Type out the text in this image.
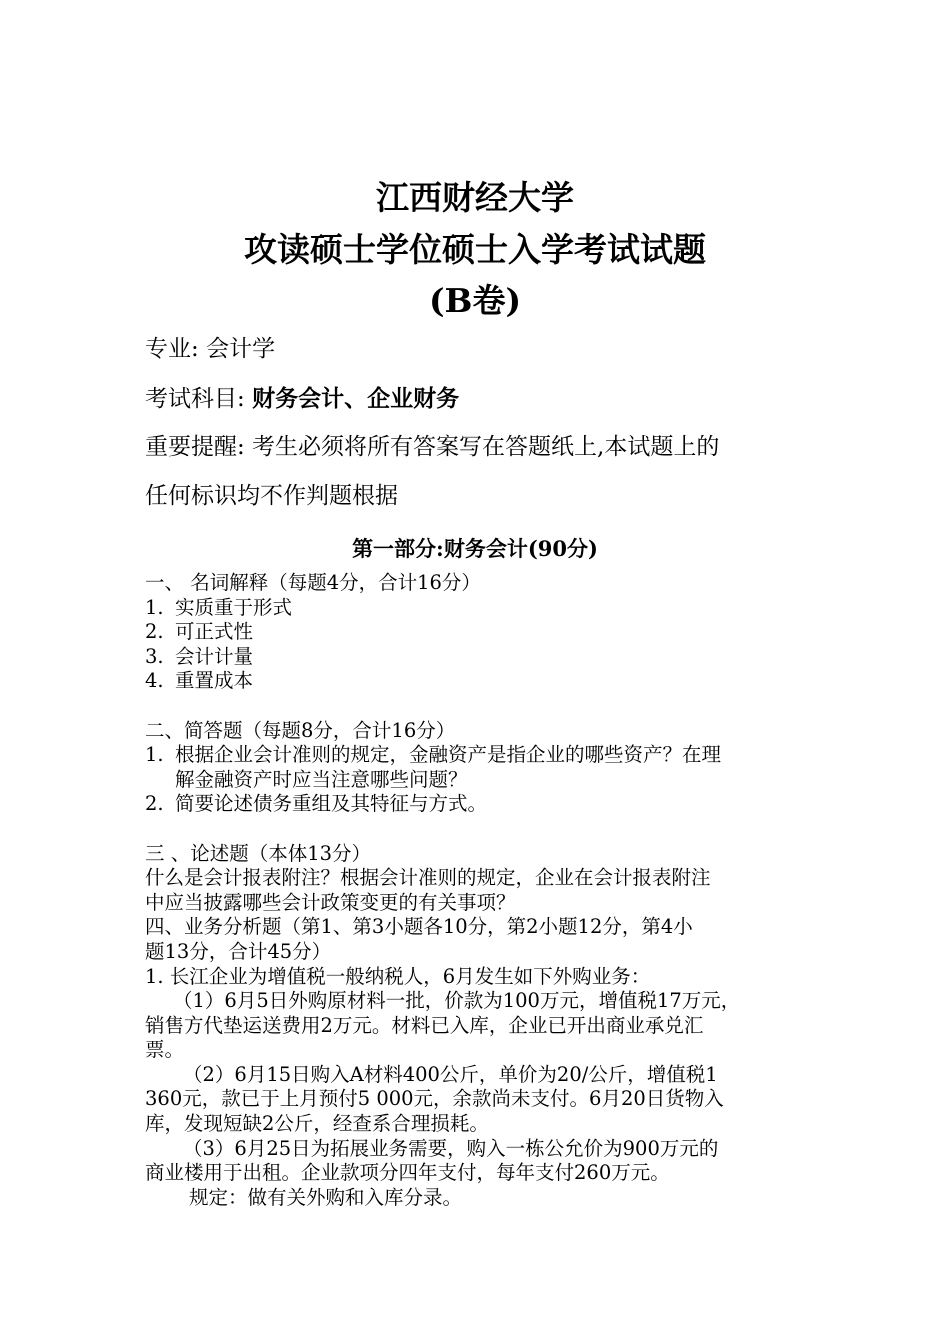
江西财经大学
攻读硕士学位硕士入学考试试题
(B卷)
专业: 会计学
考试科目: 财务会计、企业财务
重要提醒: 考生必须将所有答案写在答题纸上,本试题上的
任何标识均不作判题根据
第一部分:财务会计(90分)
一、 名词解释（每题4分，合计16分）
1. 实质重于形式
2. 可正式性
3. 会计计量
4. 重置成本
二、简答题（每题8分，合计16分）
1. 根据企业会计准则的规定，金融资产是指企业的哪些资产？在理
解金融资产时应当注意哪些问题？
2. 简要论述债务重组及其特征与方式。
三 、论述题（本体13分）
什么是会计报表附注？根据会计准则的规定，企业在会计报表附注
中应当披露哪些会计政策变更的有关事项？
四、业务分析题（第1、第3小题各10分，第2小题12分，第4小
题13分，合计45分）
1. 长江企业为增值税一般纳税人，6月发生如下外购业务：
（1）6月5日外购原材料一批，价款为100万元，增值税17万元，
销售方代垫运送费用2万元。材料已入库，企业已开出商业承兑汇
票。
（2）6月15日购入A材料400公斤，单价为20/公斤，增值税1
360元，款已于上月预付5 000元，余款尚未支付。6月20日货物入
库，发现短缺2公斤，经查系合理损耗。
（3）6月25日为拓展业务需要，购入一栋公允价为900万元的
商业楼用于出租。企业款项分四年支付，每年支付260万元。
规定：做有关外购和入库分录。
